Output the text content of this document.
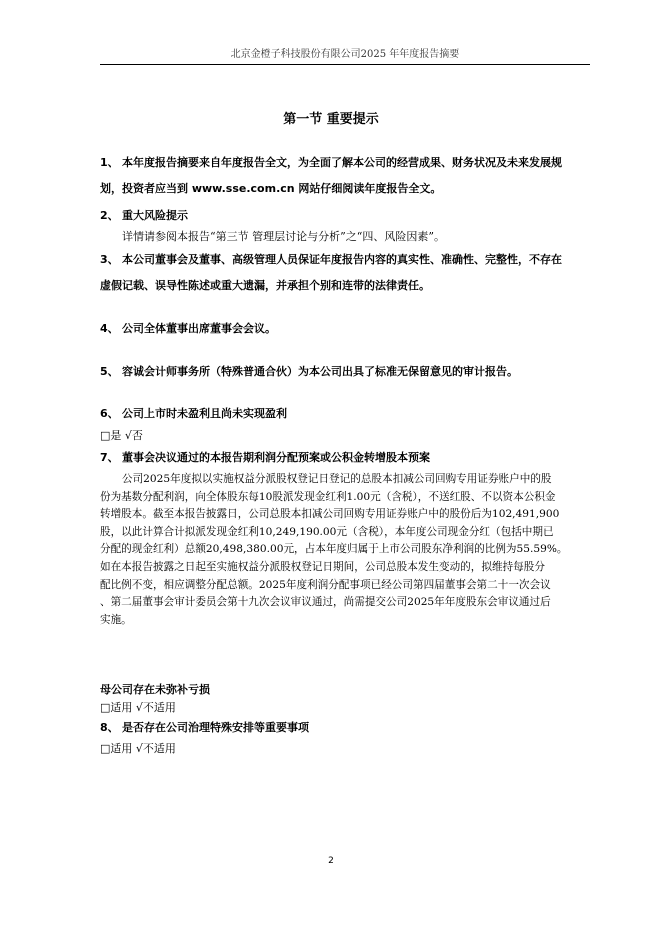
北京金橙子科技股份有限公司2025 年年度报告摘要
第一节 重要提示
1、 本年度报告摘要来自年度报告全文，为全面了解本公司的经营成果、财务状况及未来发展规
划，投资者应当到 www.sse.com.cn 网站仔细阅读年度报告全文。
2、 重大风险提示
详情请参阅本报告“第三节 管理层讨论与分析”之“四、风险因素”。
3、 本公司董事会及董事、高级管理人员保证年度报告内容的真实性、准确性、完整性，不存在
虚假记载、误导性陈述或重大遗漏，并承担个别和连带的法律责任。
4、 公司全体董事出席董事会会议。
5、 容诚会计师事务所（特殊普通合伙）为本公司出具了标准无保留意见的审计报告。
6、 公司上市时未盈利且尚未实现盈利
□是 √否
7、 董事会决议通过的本报告期利润分配预案或公积金转增股本预案
公司2025年度拟以实施权益分派股权登记日登记的总股本扣减公司回购专用证券账户中的股
份为基数分配利润，向全体股东每10股派发现金红利1.00元（含税），不送红股、不以资本公积金
转增股本。截至本报告披露日，公司总股本扣减公司回购专用证券账户中的股份后为102,491,900
股，以此计算合计拟派发现金红利10,249,190.00元（含税），本年度公司现金分红（包括中期已
分配的现金红利）总额20,498,380.00元，占本年度归属于上市公司股东净利润的比例为55.59%。
如在本报告披露之日起至实施权益分派股权登记日期间，公司总股本发生变动的，拟维持每股分
配比例不变，相应调整分配总额。2025年度利润分配事项已经公司第四届董事会第二十一次会议
、第二届董事会审计委员会第十九次会议审议通过，尚需提交公司2025年年度股东会审议通过后
实施。
母公司存在未弥补亏损
□适用 √不适用
8、 是否存在公司治理特殊安排等重要事项
□适用 √不适用
2
